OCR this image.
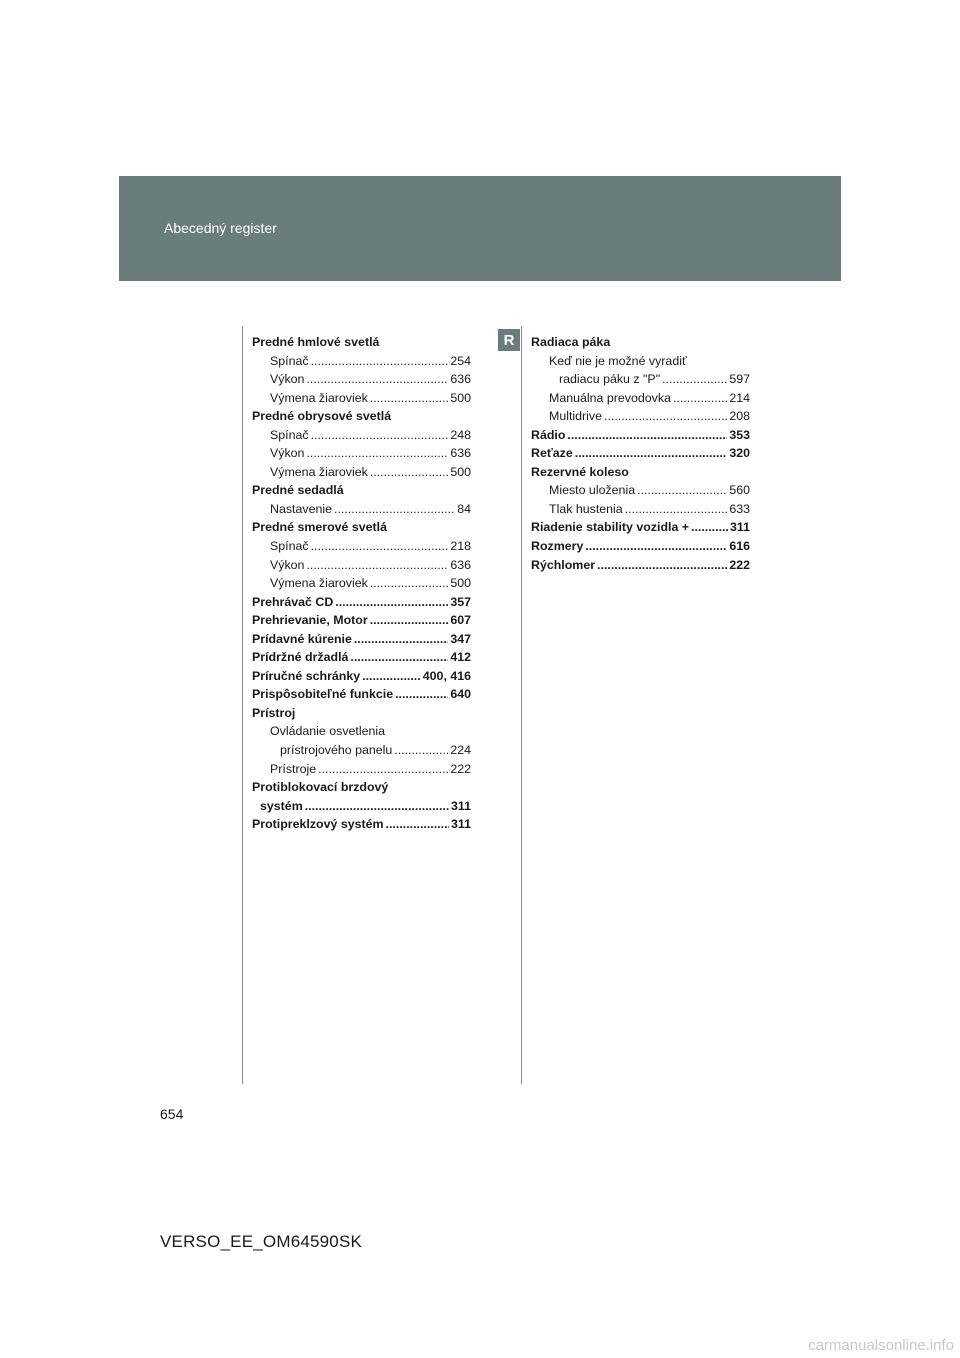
Abecedný register
R
Predné hmlové svetlá
Spínač .....	254
Výkon .....	636
Výmena žiaroviek .....	500
Predné obrysové svetlá
Spínač .....	248
Výkon .....	636
Výmena žiaroviek .....	500
Predné sedadlá
Nastavenie .....	84
Predné smerové svetlá
Spínač .....	218
Výkon .....	636
Výmena žiaroviek .....	500
Prehrávač CD .....	357
Prehrievanie, Motor .....	607
Prídavné kúrenie .....	347
Prídržné držadlá .....	412
Príručné schránky .....	400, 416
Prispôsobiteľné funkcie .....	640
Prístroj
Ovládanie osvetlenia
prístrojového panelu .....	224
Prístroje .....	222
Protiblokovací brzdový
systém .....	311
Protipreklzový systém .....	311
Radiaca páka
Keď nie je možné vyradiť
radiacu páku z "P" .....	597
Manuálna prevodovka .....	214
Multidrive .....	208
Rádio .....	353
Reťaze .....	320
Rezervné koleso
Miesto uloženia .....	560
Tlak hustenia .....	633
Riadenie stability vozidla + .....	311
Rozmery .....	616
Rýchlomer .....	222
654
VERSO_EE_OM64590SK
carmanualsonline.info
